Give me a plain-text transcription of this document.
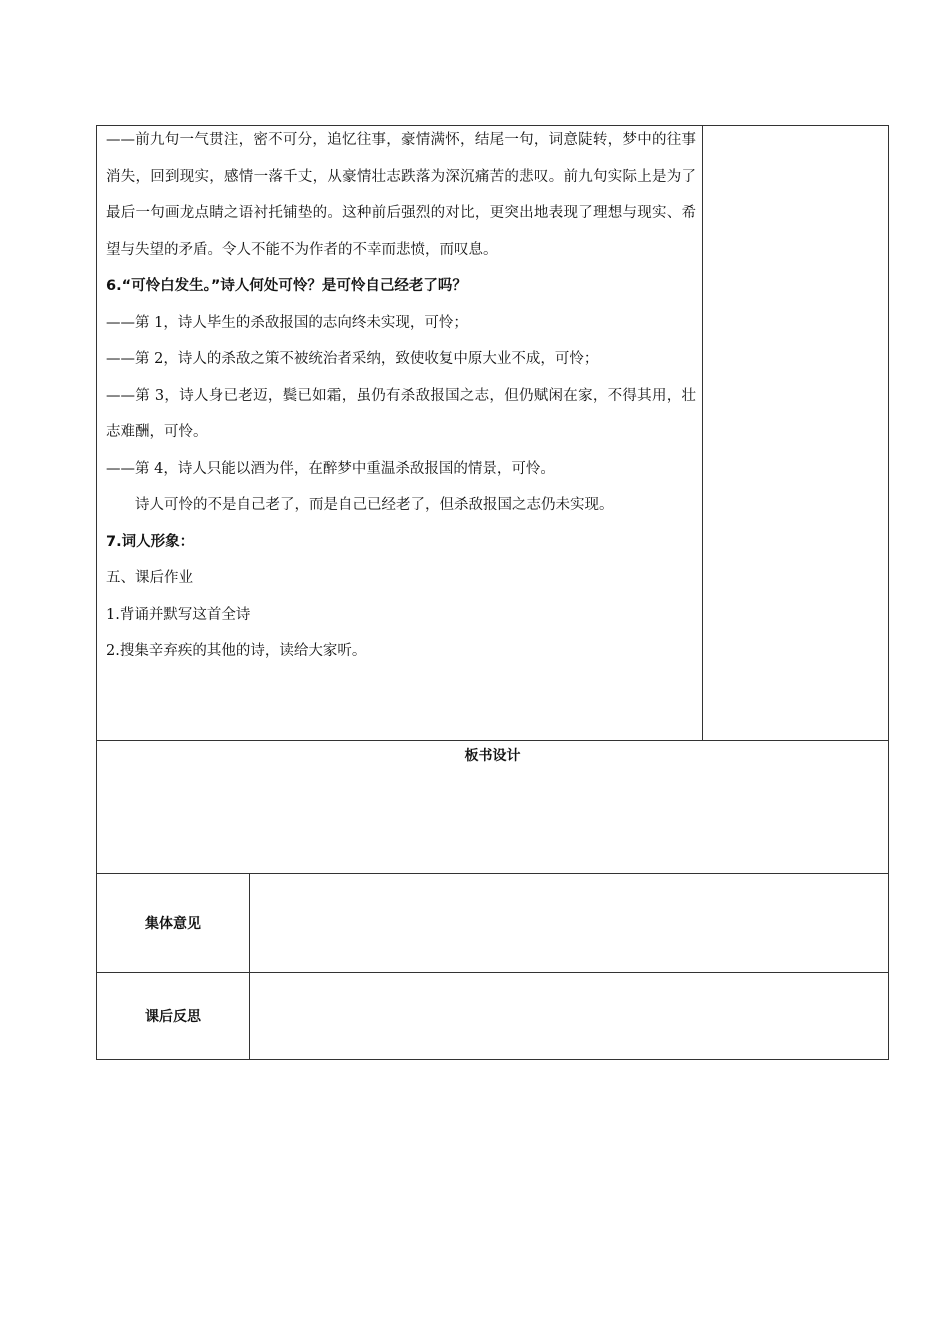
——前九句一气贯注，密不可分，追忆往事，豪情满怀，结尾一句，词意陡转，梦中的往事消失，回到现实，感情一落千丈，从豪情壮志跌落为深沉痛苦的悲叹。前九句实际上是为了最后一句画龙点睛之语衬托铺垫的。这种前后强烈的对比，更突出地表现了理想与现实、希望与失望的矛盾。令人不能不为作者的不幸而悲愤，而叹息。

6.“可怜白发生。”诗人何处可怜？是可怜自己经老了吗？

——第 1，诗人毕生的杀敌报国的志向终未实现，可怜；

——第 2，诗人的杀敌之策不被统治者采纳，致使收复中原大业不成，可怜；

——第 3，诗人身已老迈，鬓已如霜，虽仍有杀敌报国之志，但仍赋闲在家，不得其用，壮志难酬，可怜。

——第 4，诗人只能以酒为伴，在醉梦中重温杀敌报国的情景，可怜。

诗人可怜的不是自己老了，而是自己已经老了，但杀敌报国之志仍未实现。

7.词人形象：

五、课后作业

1.背诵并默写这首全诗

2.搜集辛弃疾的其他的诗，读给大家听。

板书设计
集体意见
课后反思
